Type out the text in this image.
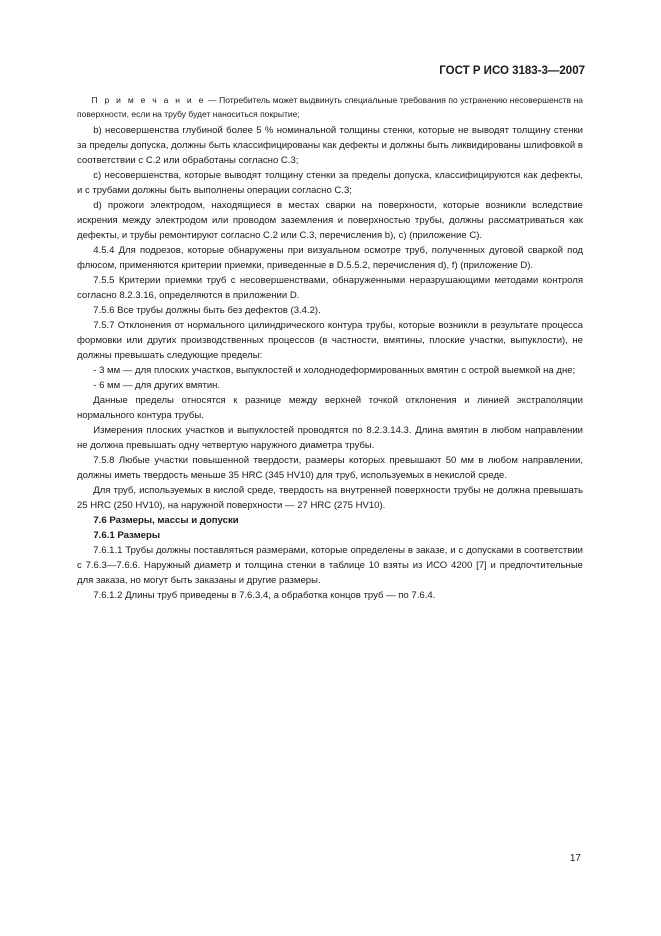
ГОСТ Р ИСО 3183-3—2007

П р и м е ч а н и е — Потребитель может выдвинуть специальные требования по устранению несовершенств на поверхности, если на трубу будет наноситься покрытие;

b) несовершенства глубиной более 5 % номинальной толщины стенки, которые не выводят толщину стенки за пределы допуска, должны быть классифицированы как дефекты и должны быть ликвидированы шлифовкой в соответствии с С.2 или обработаны согласно С.3;

c) несовершенства, которые выводят толщину стенки за пределы допуска, классифицируются как дефекты, и с трубами должны быть выполнены операции согласно С.3;

d) прожоги электродом, находящиеся в местах сварки на поверхности, которые возникли вследствие искрения между электродом или проводом заземления и поверхностью трубы, должны рассматриваться как дефекты, и трубы ремонтируют согласно С.2 или С.3, перечисления b), c) (приложение С).

4.5.4 Для подрезов, которые обнаружены при визуальном осмотре труб, полученных дуговой сваркой под флюсом, применяются критерии приемки, приведенные в D.5.5.2, перечисления d), f) (приложение D).

7.5.5 Критерии приемки труб с несовершенствами, обнаруженными неразрушающими методами контроля согласно 8.2.3.16, определяются в приложении D.

7.5.6 Все трубы должны быть без дефектов (3.4.2).

7.5.7 Отклонения от нормального цилиндрического контура трубы, которые возникли в результате процесса формовки или других производственных процессов (в частности, вмятины, плоские участки, выпуклости), не должны превышать следующие пределы:

- 3 мм — для плоских участков, выпуклостей и холоднодеформированных вмятин с острой выемкой на дне;

- 6 мм — для других вмятин.

Данные пределы относятся к разнице между верхней точкой отклонения и линией экстраполяции нормального контура трубы.

Измерения плоских участков и выпуклостей проводятся по 8.2.3.14.3. Длина вмятин в любом направлении не должна превышать одну четвертую наружного диаметра трубы.

7.5.8 Любые участки повышенной твердости, размеры которых превышают 50 мм в любом направлении, должны иметь твердость меньше 35 HRC (345 HV10) для труб, используемых в некислой среде.

Для труб, используемых в кислой среде, твердость на внутренней поверхности трубы не должна превышать 25 HRC (250 HV10), на наружной поверхности — 27 HRC (275 HV10).

7.6 Размеры, массы и допуски
7.6.1 Размеры

7.6.1.1 Трубы должны поставляться размерами, которые определены в заказе, и с допусками в соответствии с 7.6.3—7.6.6. Наружный диаметр и толщина стенки в таблице 10 взяты из ИСО 4200 [7] и предпочтительные для заказа, но могут быть заказаны и другие размеры.

7.6.1.2 Длины труб приведены в 7.6.3.4, а обработка концов труб — по 7.6.4.

17
